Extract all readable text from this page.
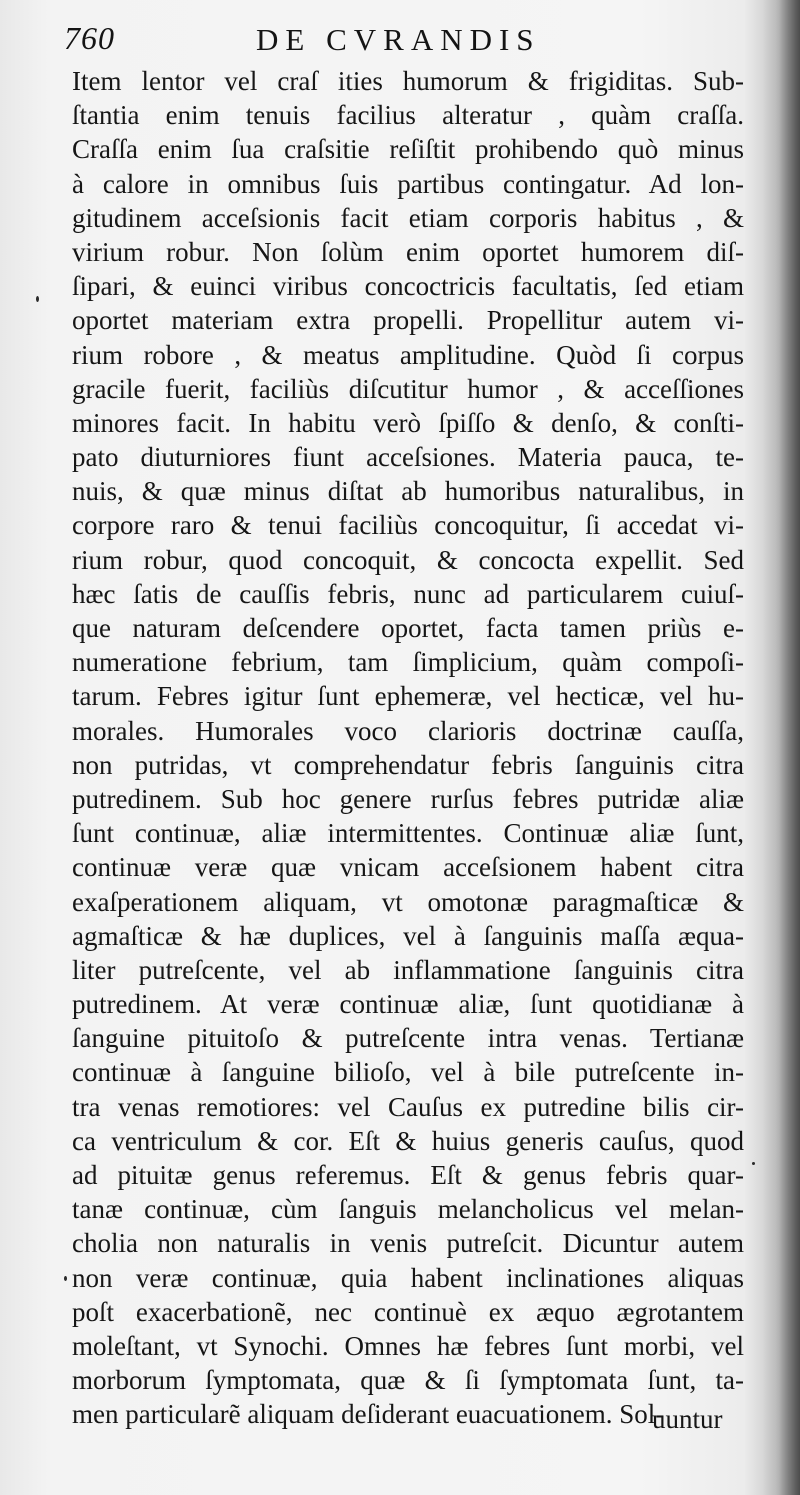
760	DE CVRANDIS
Item lentor vel craſ ities humorum & frigiditas. Sub-
ſtantia enim tenuis facilius alteratur , quàm craſſa.
Craſſa enim ſua craſsitie reſiſtit prohibendo quò minus
à calore in omnibus ſuis partibus contingatur. Ad lon-
gitudinem acceſsionis facit etiam corporis habitus , &
virium robur. Non ſolùm enim oportet humorem diſ-
ſipari, & euinci viribus concoctricis facultatis, ſed etiam
oportet materiam extra propelli. Propellitur autem vi-
rium robore , & meatus amplitudine. Quòd ſi corpus
gracile fuerit, faciliùs diſcutitur humor , & acceſſiones
minores facit. In habitu verò ſpiſſo & denſo, & conſti-
pato diuturniores fiunt acceſsiones. Materia pauca, te-
nuis, & quæ minus diſtat ab humoribus naturalibus, in
corpore raro & tenui faciliùs concoquitur, ſi accedat vi-
rium robur, quod concoquit, & concocta expellit. Sed
hæc ſatis de cauſſis febris, nunc ad particularem cuiuſ-
que naturam deſcendere oportet, facta tamen priùs e-
numeratione febrium, tam ſimplicium, quàm compoſi-
tarum. Febres igitur ſunt ephemeræ, vel hecticæ, vel hu-
morales. Humorales voco clarioris doctrinæ cauſſa,
non putridas, vt comprehendatur febris ſanguinis citra
putredinem. Sub hoc genere rurſus febres putridæ aliæ
ſunt continuæ, aliæ intermittentes. Continuæ aliæ ſunt,
continuæ veræ quæ vnicam acceſsionem habent citra
exaſperationem aliquam, vt omotonæ paragmaſticæ &
agmaſticæ & hæ duplices, vel à ſanguinis maſſa æqua-
liter putreſcente, vel ab inflammatione ſanguinis citra
putredinem. At veræ continuæ aliæ, ſunt quotidianæ à
ſanguine pituitoſo & putreſcente intra venas. Tertianæ
continuæ à ſanguine bilioſo, vel à bile putreſcente in-
tra venas remotiores: vel Cauſus ex putredine bilis cir-
ca ventriculum & cor. Eſt & huius generis cauſus, quod
ad pituitæ genus referemus. Eſt & genus febris quar-
tanæ continuæ, cùm ſanguis melancholicus vel melan-
cholia non naturalis in venis putreſcit. Dicuntur autem
non veræ continuæ, quia habent inclinationes aliquas
poſt exacerbationẽ, nec continuè ex æquo ægrotantem
moleſtant, vt Synochi. Omnes hæ febres ſunt morbi, vel
morborum ſymptomata, quæ & ſi ſymptomata ſunt, ta-
men particularẽ aliquam deſiderant euacuationem. Sol-
uuntur
